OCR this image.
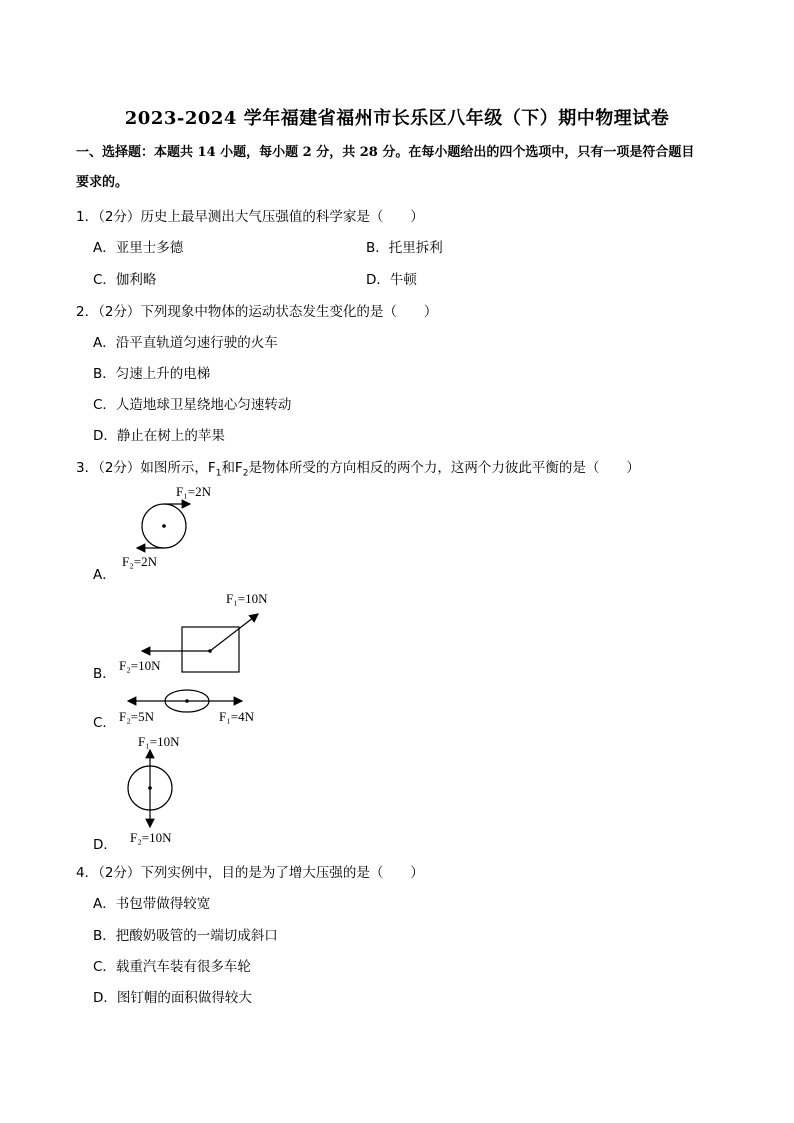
2023-2024 学年福建省福州市长乐区八年级（下）期中物理试卷
一、选择题：本题共 14 小题，每小题 2 分，共 28 分。在每小题给出的四个选项中，只有一项是符合题目
要求的。
1．（2分）历史上最早测出大气压强值的科学家是（　　）
A．亚里士多德	B．托里拆利
C．伽利略	D．牛顿
2．（2分）下列现象中物体的运动状态发生变化的是（　　）
A．沿平直轨道匀速行驶的火车
B．匀速上升的电梯
C．人造地球卫星绕地心匀速转动
D．静止在树上的苹果
3．（2分）如图所示，$F_1$和$F_2$是物体所受的方向相反的两个力，这两个力彼此平衡的是（　　）
F₁=2N
F₂=2N
A．
F₁=10N
F₂=10N
B．
F₂=5N	F₁=4N
C．
F₁=10N
F₂=10N
D．
4．（2分）下列实例中，目的是为了增大压强的是（　　）
A．书包带做得较宽
B．把酸奶吸管的一端切成斜口
C．载重汽车装有很多车轮
D．图钉帽的面积做得较大
